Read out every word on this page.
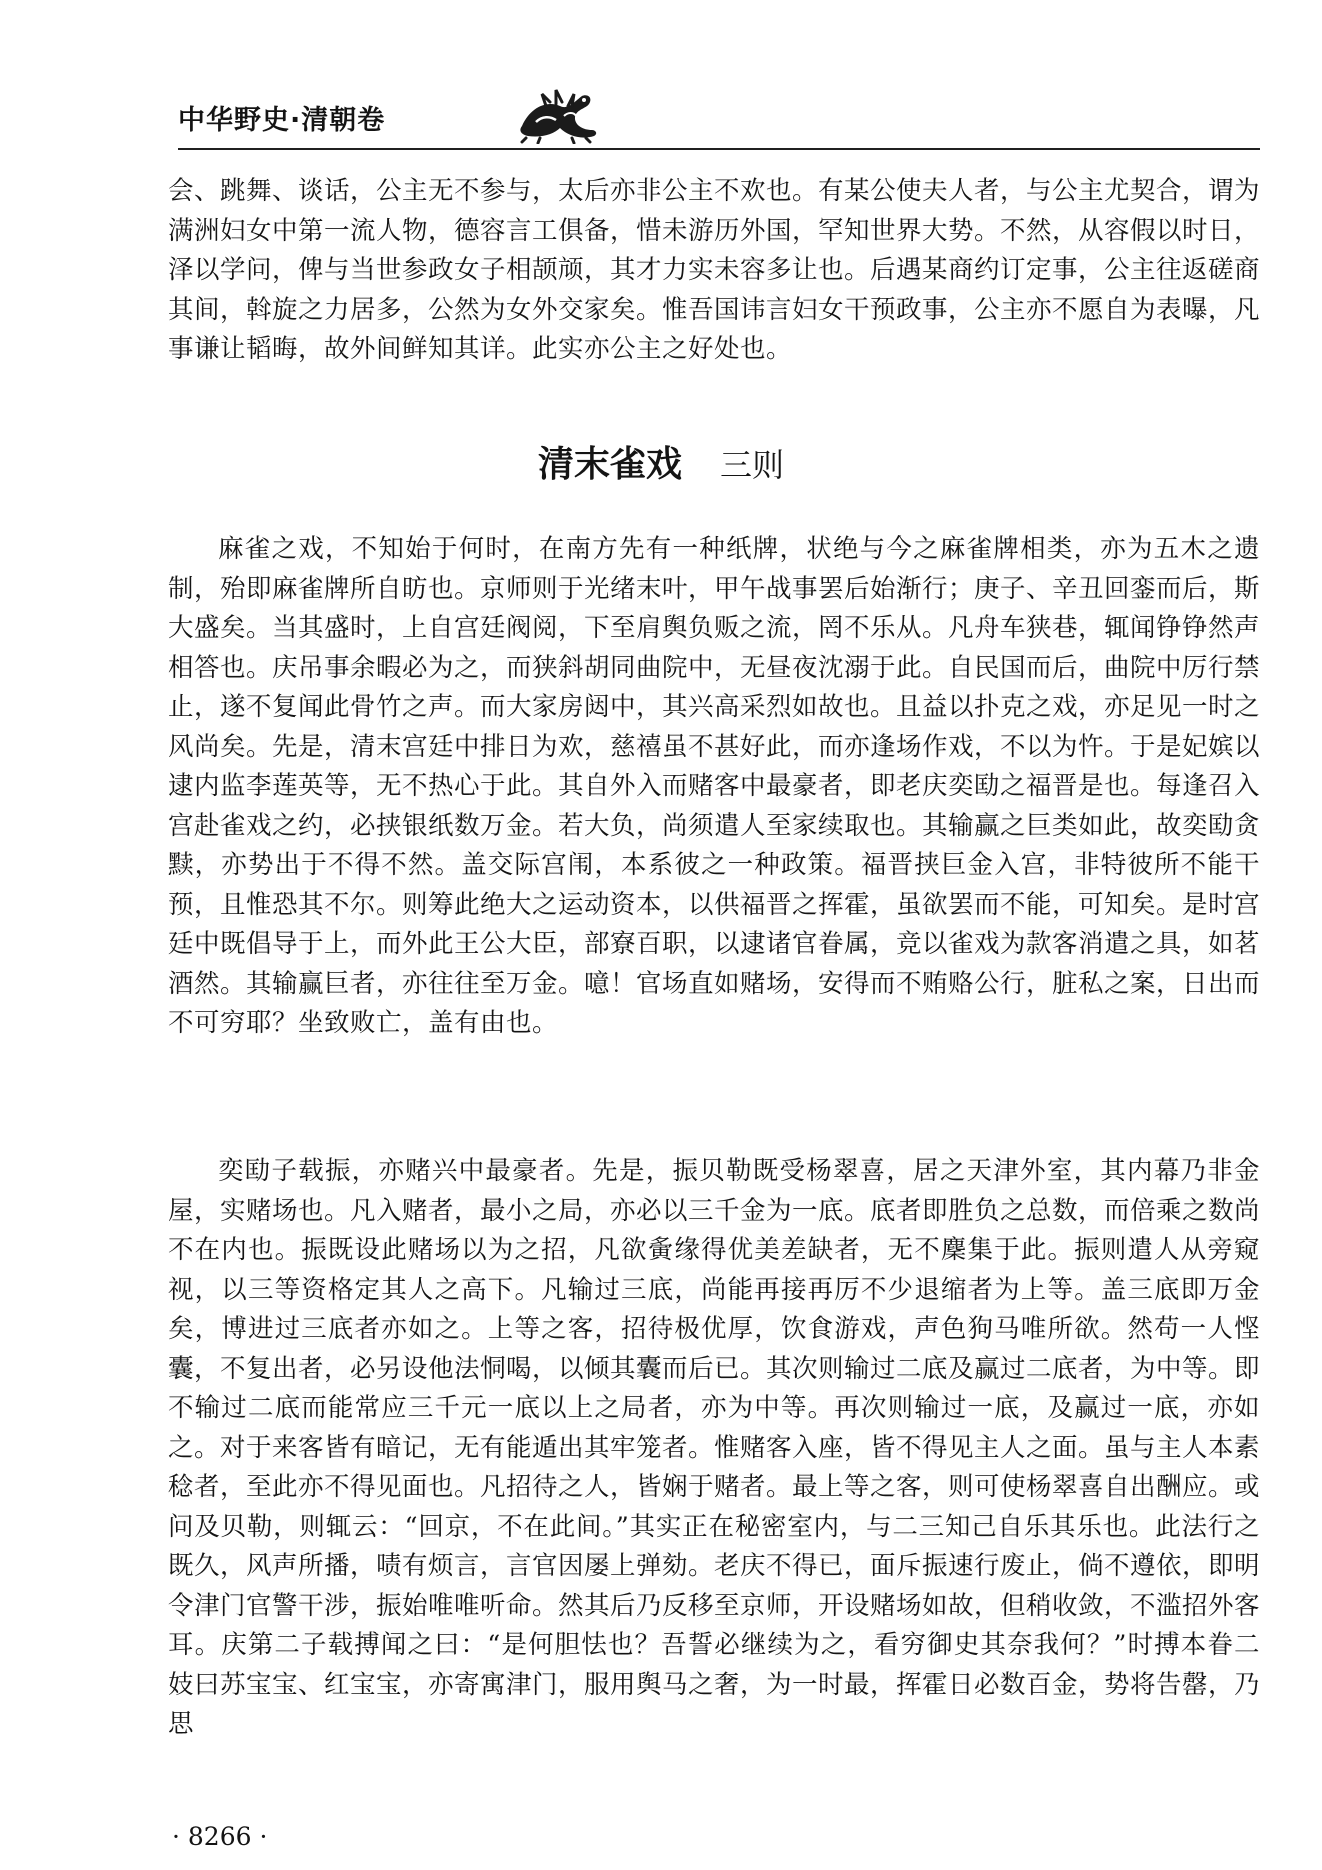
中华野史·清朝卷

会、跳舞、谈话，公主无不参与，太后亦非公主不欢也。有某公使夫人者，与公主尤契合，谓为满洲妇女中第一流人物，德容言工俱备，惜未游历外国，罕知世界大势。不然，从容假以时日，泽以学问，俾与当世参政女子相颉颃，其才力实未容多让也。后遇某商约订定事，公主往返磋商其间，斡旋之力居多，公然为女外交家矣。惟吾国讳言妇女干预政事，公主亦不愿自为表曝，凡事谦让韬晦，故外间鲜知其详。此实亦公主之好处也。

清末雀戏 三则

麻雀之戏，不知始于何时，在南方先有一种纸牌，状绝与今之麻雀牌相类，亦为五木之遗制，殆即麻雀牌所自昉也。京师则于光绪末叶，甲午战事罢后始渐行；庚子、辛丑回銮而后，斯大盛矣。当其盛时，上自宫廷阀阅，下至肩舆负贩之流，罔不乐从。凡舟车狭巷，辄闻铮铮然声相答也。庆吊事余暇必为之，而狭斜胡同曲院中，无昼夜沈溺于此。自民国而后，曲院中厉行禁止，遂不复闻此骨竹之声。而大家房闼中，其兴高采烈如故也。且益以扑克之戏，亦足见一时之风尚矣。先是，清末宫廷中排日为欢，慈禧虽不甚好此，而亦逢场作戏，不以为忤。于是妃嫔以逮内监李莲英等，无不热心于此。其自外入而赌客中最豪者，即老庆奕劻之福晋是也。每逢召入宫赴雀戏之约，必挟银纸数万金。若大负，尚须遣人至家续取也。其输赢之巨类如此，故奕劻贪黩，亦势出于不得不然。盖交际宫闱，本系彼之一种政策。福晋挟巨金入宫，非特彼所不能干预，且惟恐其不尔。则筹此绝大之运动资本，以供福晋之挥霍，虽欲罢而不能，可知矣。是时宫廷中既倡导于上，而外此王公大臣，部寮百职，以逮诸官眷属，竞以雀戏为款客消遣之具，如茗酒然。其输赢巨者，亦往往至万金。噫！官场直如赌场，安得而不贿赂公行，脏私之案，日出而不可穷耶？坐致败亡，盖有由也。

奕劻子载振，亦赌兴中最豪者。先是，振贝勒既受杨翠喜，居之天津外室，其内幕乃非金屋，实赌场也。凡入赌者，最小之局，亦必以三千金为一底。底者即胜负之总数，而倍乘之数尚不在内也。振既设此赌场以为之招，凡欲夤缘得优美差缺者，无不麇集于此。振则遣人从旁窥视，以三等资格定其人之高下。凡输过三底，尚能再接再厉不少退缩者为上等。盖三底即万金矣，博进过三底者亦如之。上等之客，招待极优厚，饮食游戏，声色狗马唯所欲。然苟一人悭囊，不复出者，必另设他法恫喝，以倾其囊而后已。其次则输过二底及赢过二底者，为中等。即不输过二底而能常应三千元一底以上之局者，亦为中等。再次则输过一底，及赢过一底，亦如之。对于来客皆有暗记，无有能遁出其牢笼者。惟赌客入座，皆不得见主人之面。虽与主人本素稔者，至此亦不得见面也。凡招待之人，皆娴于赌者。最上等之客，则可使杨翠喜自出酬应。或问及贝勒，则辄云：“回京，不在此间。”其实正在秘密室内，与二三知己自乐其乐也。此法行之既久，风声所播，啧有烦言，言官因屡上弹劾。老庆不得已，面斥振速行废止，倘不遵依，即明令津门官警干涉，振始唯唯听命。然其后乃反移至京师，开设赌场如故，但稍收敛，不滥招外客耳。庆第二子载搏闻之曰：“是何胆怯也？吾誓必继续为之，看穷御史其奈我何？”时搏本眷二妓曰苏宝宝、红宝宝，亦寄寓津门，服用舆马之奢，为一时最，挥霍日必数百金，势将告罄，乃思

· 8266 ·
